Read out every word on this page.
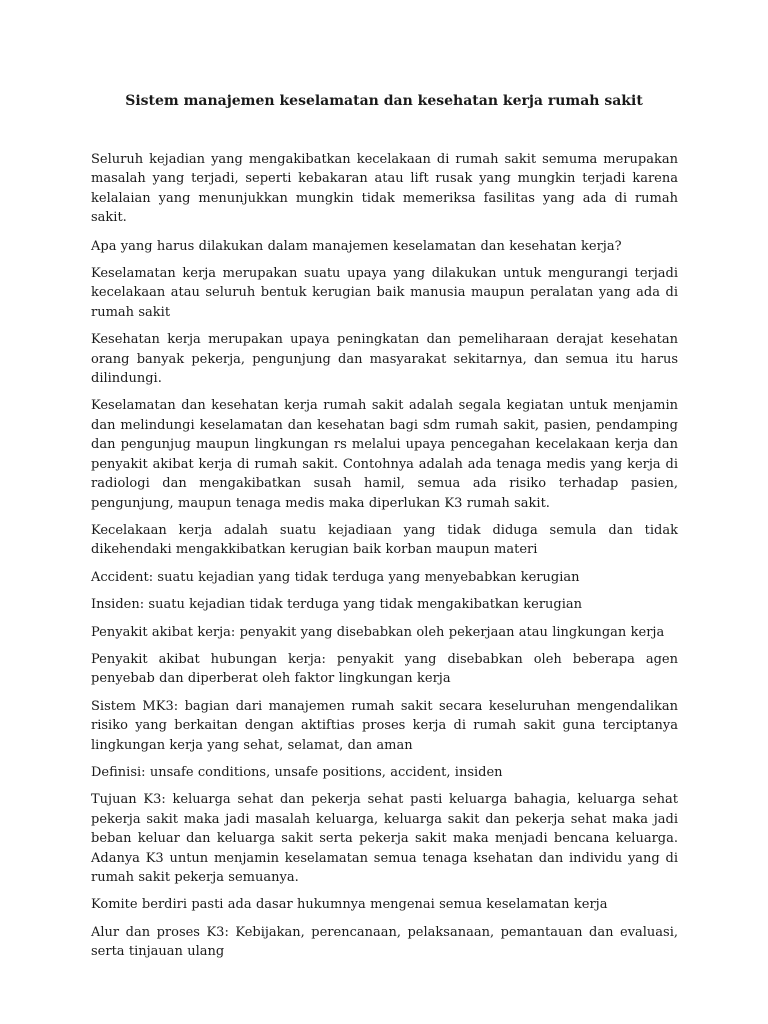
Sistem manajemen keselamatan dan kesehatan kerja rumah sakit

Seluruh kejadian yang mengakibatkan kecelakaan di rumah sakit semuma merupakan masalah yang terjadi, seperti kebakaran atau lift rusak yang mungkin terjadi karena kelalaian yang menunjukkan mungkin tidak memeriksa fasilitas yang ada di rumah sakit.

Apa yang harus dilakukan dalam manajemen keselamatan dan kesehatan kerja?

Keselamatan kerja merupakan suatu upaya yang dilakukan untuk mengurangi terjadi kecelakaan atau seluruh bentuk kerugian baik manusia maupun peralatan yang ada di rumah sakit

Kesehatan kerja merupakan upaya peningkatan dan pemeliharaan derajat kesehatan orang banyak pekerja, pengunjung dan masyarakat sekitarnya, dan semua itu harus dilindungi.

Keselamatan dan kesehatan kerja rumah sakit adalah segala kegiatan untuk menjamin dan melindungi keselamatan dan kesehatan bagi sdm rumah sakit, pasien, pendamping dan pengunjug maupun lingkungan rs melalui upaya pencegahan kecelakaan kerja dan penyakit akibat kerja di rumah sakit. Contohnya adalah ada tenaga medis yang kerja di radiologi dan mengakibatkan susah hamil, semua ada risiko terhadap pasien, pengunjung, maupun tenaga medis maka diperlukan K3 rumah sakit.

Kecelakaan kerja adalah suatu kejadiaan yang tidak diduga semula dan tidak dikehendaki mengakkibatkan kerugian baik korban maupun materi

Accident: suatu kejadian yang tidak terduga yang menyebabkan kerugian

Insiden: suatu kejadian tidak terduga yang tidak mengakibatkan kerugian

Penyakit akibat kerja: penyakit yang disebabkan oleh pekerjaan atau lingkungan kerja

Penyakit akibat hubungan kerja: penyakit yang disebabkan oleh beberapa agen penyebab dan diperberat oleh faktor lingkungan kerja

Sistem MK3: bagian dari manajemen rumah sakit secara keseluruhan mengendalikan risiko yang berkaitan dengan aktiftias proses kerja di rumah sakit guna terciptanya lingkungan kerja yang sehat, selamat, dan aman

Definisi: unsafe conditions, unsafe positions, accident, insiden

Tujuan K3: keluarga sehat dan pekerja sehat pasti keluarga bahagia, keluarga sehat pekerja sakit maka jadi masalah keluarga, keluarga sakit dan pekerja sehat maka jadi beban keluar dan keluarga sakit serta pekerja sakit maka menjadi bencana keluarga. Adanya K3 untun menjamin keselamatan semua tenaga ksehatan dan individu yang di rumah sakit pekerja semuanya.

Komite berdiri pasti ada dasar hukumnya mengenai semua keselamatan kerja

Alur dan proses K3: Kebijakan, perencanaan, pelaksanaan, pemantauan dan evaluasi, serta tinjauan ulang
